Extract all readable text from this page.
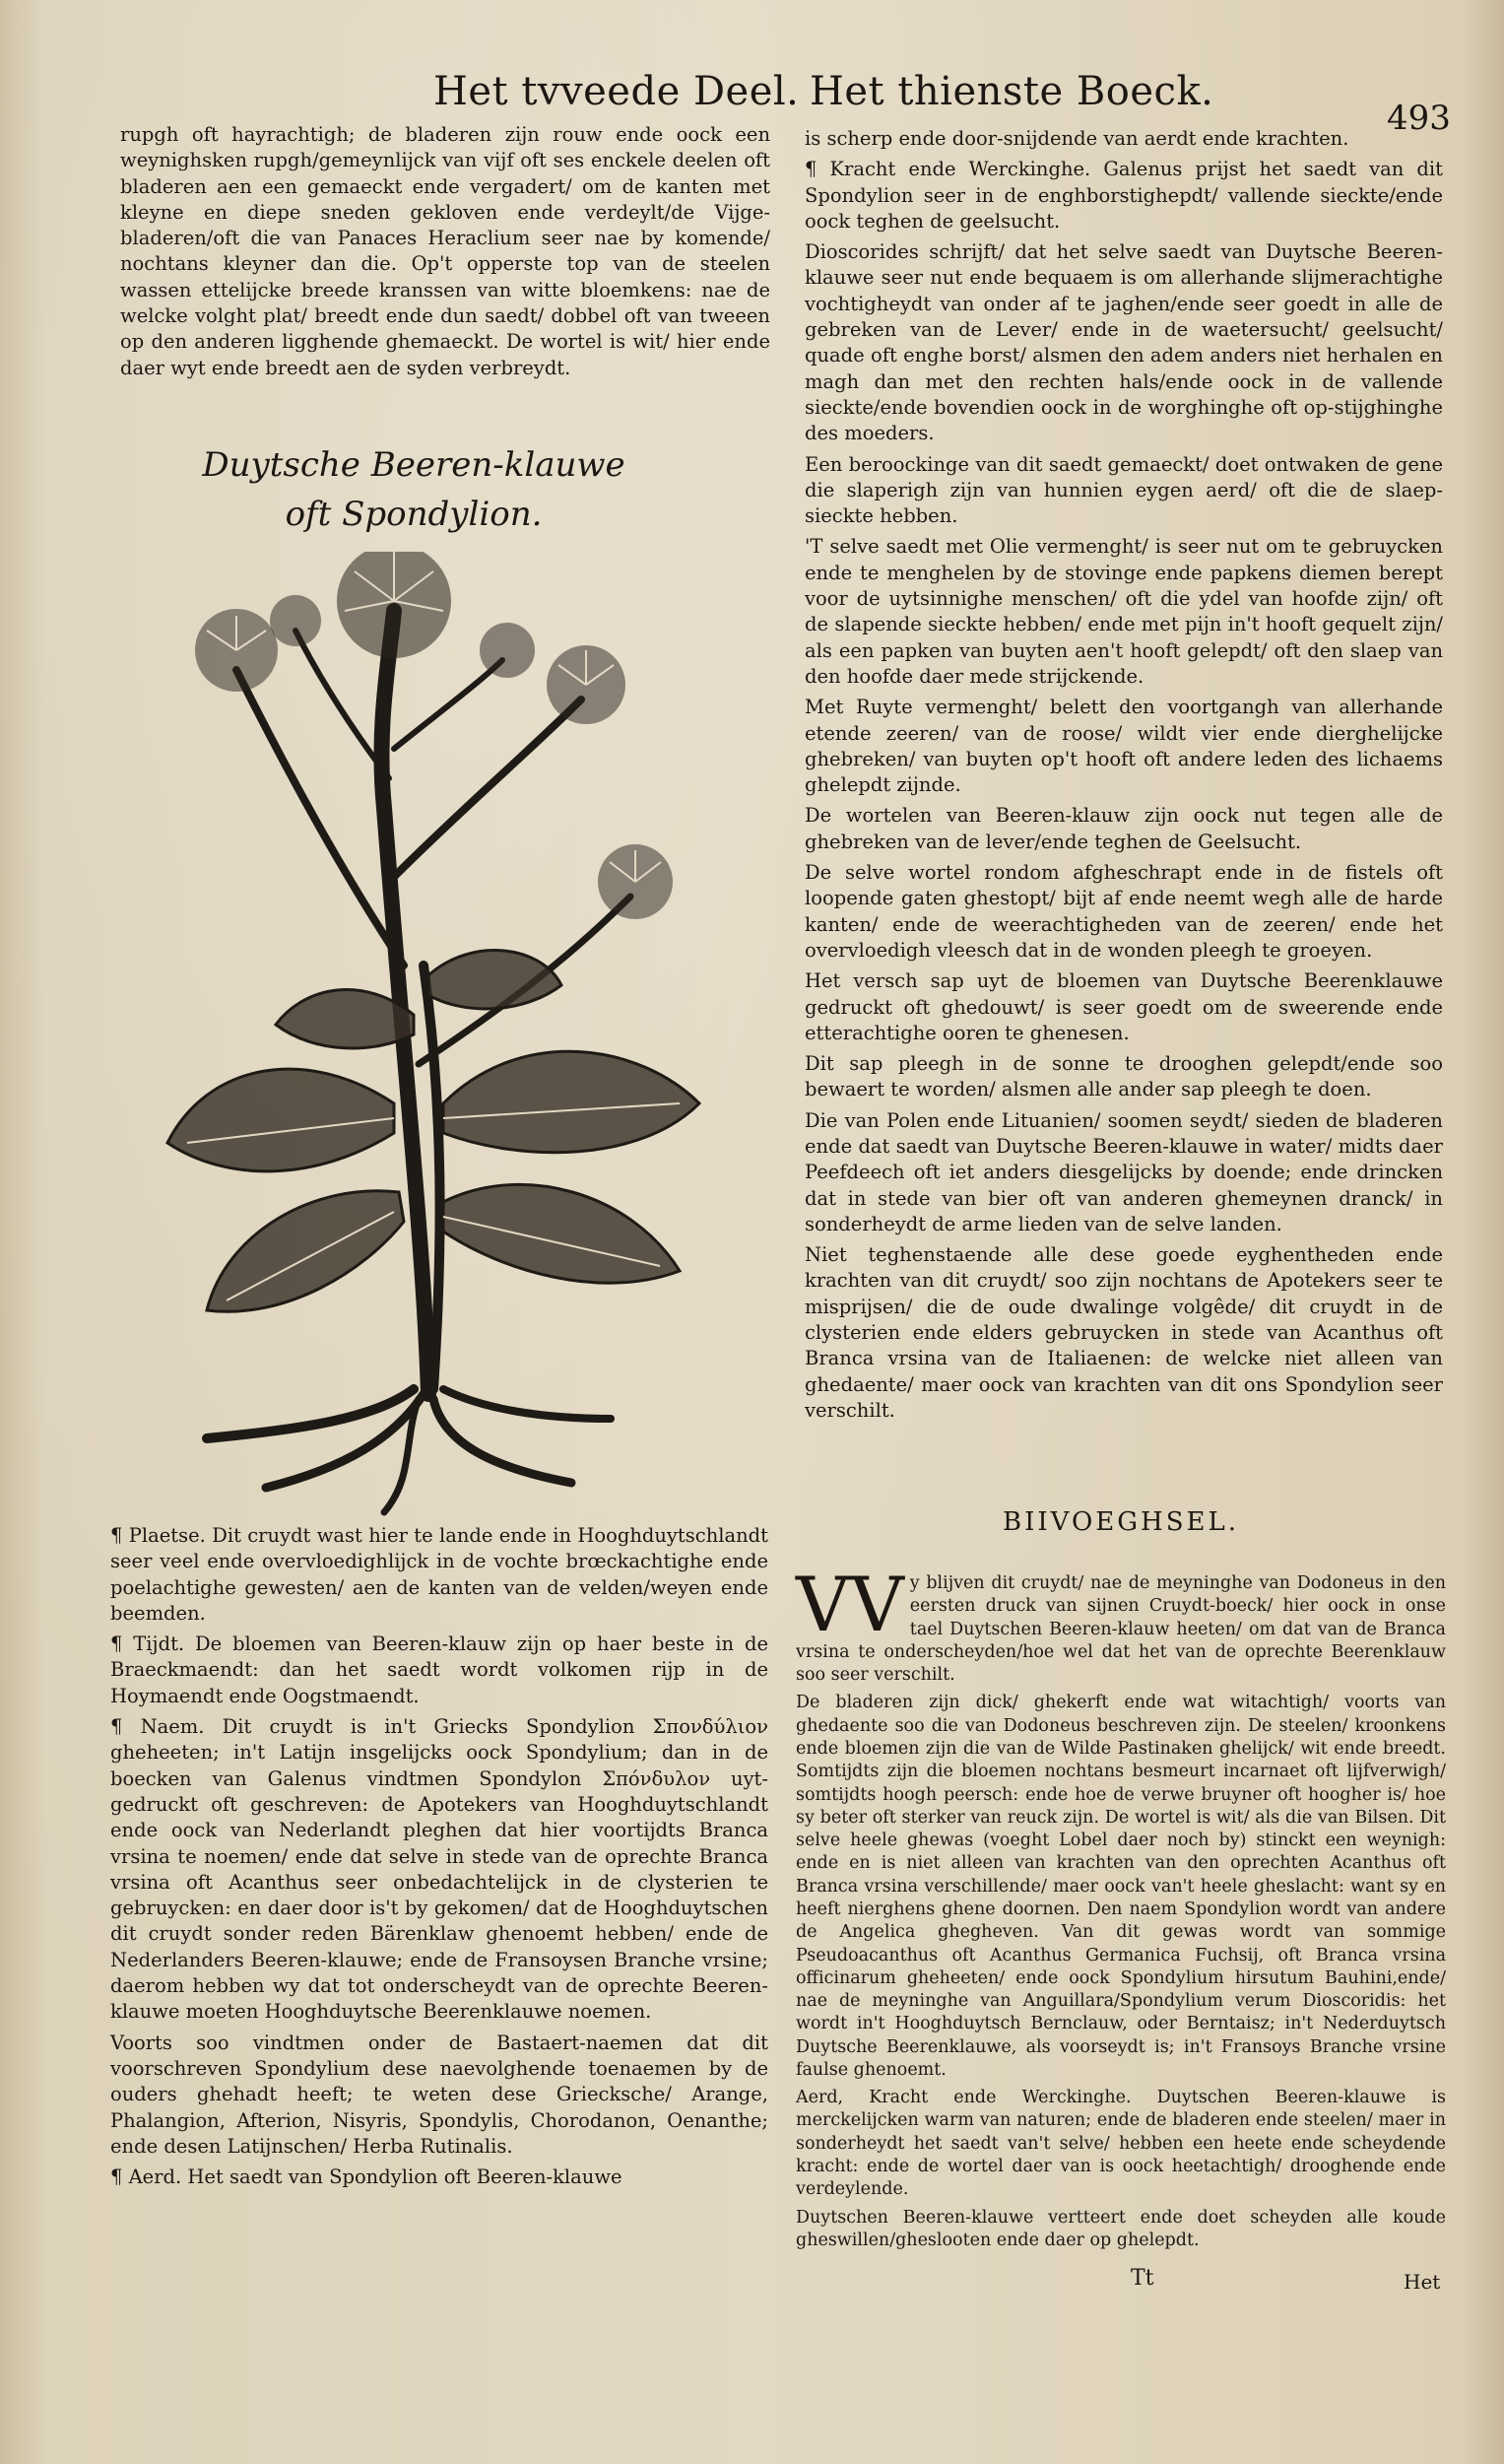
Het tvveede Deel. Het thienste Boeck.
493

rupgh oft hayrachtigh; de bladeren zijn rouw ende oock een weynighsken rupgh/gemeynlijck van vijf oft ses enckele deelen oft bladeren aen een gemaeckt ende vergadert/ om de kanten met kleyne en diepe sneden gekloven ende verdeylt/de Vijge-bladeren/oft die van Panaces Heraclium seer nae by komende/ nochtans kleyner dan die. Op't opperste top van de steelen wassen ettelijcke breede kranssen van witte bloemkens: nae de welcke volght plat/ breedt ende dun saedt/ dobbel oft van tweeen op den anderen ligghende ghemaeckt. De wortel is wit/ hier ende daer wyt ende breedt aen de syden verbreydt.

Duytsche Beeren-klauwe
oft Spondylion.

¶ Plaetse. Dit cruydt wast hier te lande ende in Hooghduytschlandt seer veel ende overvloedighlijck in de vochte brœckachtighe ende poelachtighe gewesten/ aen de kanten van de velden/weyen ende beemden.

¶ Tijdt. De bloemen van Beeren-klauw zijn op haer beste in de Braeckmaendt: dan het saedt wordt volkomen rijp in de Hoymaendt ende Oogstmaendt.

¶ Naem. Dit cruydt is in't Griecks Spondylion Σπονδύλιον gheheeten; in't Latijn insgelijcks oock Spondylium; dan in de boecken van Galenus vindtmen Spondylon Σπόνδυλον uyt-gedruckt oft geschreven: de Apotekers van Hooghduytschlandt ende oock van Nederlandt pleghen dat hier voortijdts Branca vrsina te noemen/ ende dat selve in stede van de oprechte Branca vrsina oft Acanthus seer onbedachtelijck in de clysterien te gebruycken: en daer door is't by gekomen/ dat de Hooghduytschen dit cruydt sonder reden Bärenklaw ghenoemt hebben/ ende de Nederlanders Beeren-klauwe; ende de Fransoysen Branche vrsine; daerom hebben wy dat tot onderscheydt van de oprechte Beeren-klauwe moeten Hooghduytsche Beerenklauwe noemen.

Voorts soo vindtmen onder de Bastaert-naemen dat dit voorschreven Spondylium dese naevolghende toenaemen by de ouders ghehadt heeft; te weten dese Griecksche/ Arange, Phalangion, Afterion, Nisyris, Spondylis, Chorodanon, Oenanthe; ende desen Latijnschen/ Herba Rutinalis.

¶ Aerd. Het saedt van Spondylion oft Beeren-klauwe

is scherp ende door-snijdende van aerdt ende krachten.

¶ Kracht ende Werckinghe. Galenus prijst het saedt van dit Spondylion seer in de enghborstighepdt/ vallende sieckte/ende oock teghen de geelsucht.

Dioscorides schrijft/ dat het selve saedt van Duytsche Beeren-klauwe seer nut ende bequaem is om allerhande slijmerachtighe vochtigheydt van onder af te jaghen/ende seer goedt in alle de gebreken van de Lever/ ende in de waetersucht/ geelsucht/ quade oft enghe borst/ alsmen den adem anders niet herhalen en magh dan met den rechten hals/ende oock in de vallende sieckte/ende bovendien oock in de worghinghe oft op-stijghinghe des moeders.

Een beroockinge van dit saedt gemaeckt/ doet ontwaken de gene die slaperigh zijn van hunnien eygen aerd/ oft die de slaep-sieckte hebben.

'T selve saedt met Olie vermenght/ is seer nut om te gebruycken ende te menghelen by de stovinge ende papkens diemen berept voor de uytsinnighe menschen/ oft die ydel van hoofde zijn/ oft de slapende sieckte hebben/ ende met pijn in't hooft gequelt zijn/ als een papken van buyten aen't hooft gelepdt/ oft den slaep van den hoofde daer mede strijckende.

Met Ruyte vermenght/ belett den voortgangh van allerhande etende zeeren/ van de roose/ wildt vier ende dierghelijcke ghebreken/ van buyten op't hooft oft andere leden des lichaems ghelepdt zijnde.

De wortelen van Beeren-klauw zijn oock nut tegen alle de ghebreken van de lever/ende teghen de Geelsucht.

De selve wortel rondom afgheschrapt ende in de fistels oft loopende gaten ghestopt/ bijt af ende neemt wegh alle de harde kanten/ ende de weerachtigheden van de zeeren/ ende het overvloedigh vleesch dat in de wonden pleegh te groeyen.

Het versch sap uyt de bloemen van Duytsche Beerenklauwe gedruckt oft ghedouwt/ is seer goedt om de sweerende ende etterachtighe ooren te ghenesen.

Dit sap pleegh in de sonne te drooghen gelepdt/ende soo bewaert te worden/ alsmen alle ander sap pleegh te doen.

Die van Polen ende Lituanien/ soomen seydt/ sieden de bladeren ende dat saedt van Duytsche Beeren-klauwe in water/ midts daer Peefdeech oft iet anders diesgelijcks by doende; ende drincken dat in stede van bier oft van anderen ghemeynen dranck/ in sonderheydt de arme lieden van de selve landen.

Niet teghenstaende alle dese goede eyghentheden ende krachten van dit cruydt/ soo zijn nochtans de Apotekers seer te misprijsen/ die de oude dwalinge volgêde/ dit cruydt in de clysterien ende elders gebruycken in stede van Acanthus oft Branca vrsina van de Italiaenen: de welcke niet alleen van ghedaente/ maer oock van krachten van dit ons Spondylion seer verschilt.

BIIVOEGHSEL.

VV y blijven dit cruydt/ nae de meyninghe van Dodoneus in den eersten druck van sijnen Cruydt-boeck/ hier oock in onse tael Duytschen Beeren-klauw heeten/ om dat van de Branca vrsina te onderscheyden/hoe wel dat het van de oprechte Beerenklauw soo seer verschilt.

De bladeren zijn dick/ ghekerft ende wat witachtigh/ voorts van ghedaente soo die van Dodoneus beschreven zijn. De steelen/ kroonkens ende bloemen zijn die van de Wilde Pastinaken ghelijck/ wit ende breedt. Somtijdts zijn die bloemen nochtans besmeurt incarnaet oft lijfverwigh/ somtijdts hoogh peersch: ende hoe de verwe bruyner oft hoogher is/ hoe sy beter oft sterker van reuck zijn. De wortel is wit/ als die van Bilsen. Dit selve heele ghewas (voeght Lobel daer noch by) stinckt een weynigh: ende en is niet alleen van krachten van den oprechten Acanthus oft Branca vrsina verschillende/ maer oock van't heele gheslacht: want sy en heeft nierghens ghene doornen. Den naem Spondylion wordt van andere de Angelica ghegheven. Van dit gewas wordt van sommige Pseudoacanthus oft Acanthus Germanica Fuchsij, oft Branca vrsina officinarum gheheeten/ ende oock Spondylium hirsutum Bauhini,ende/ nae de meyninghe van Anguillara/Spondylium verum Dioscoridis: het wordt in't Hooghduytsch Bernclauw, oder Berntaisz; in't Nederduytsch Duytsche Beerenklauwe, als voorseydt is; in't Fransoys Branche vrsine faulse ghenoemt.

Aerd, Kracht ende Werckinghe. Duytschen Beeren-klauwe is merckelijcken warm van naturen; ende de bladeren ende steelen/ maer in sonderheydt het saedt van't selve/ hebben een heete ende scheydende kracht: ende de wortel daer van is oock heetachtigh/ drooghende ende verdeylende.

Duytschen Beeren-klauwe vertteert ende doet scheyden alle koude gheswillen/gheslooten ende daer op ghelepdt.

Tt	Het
